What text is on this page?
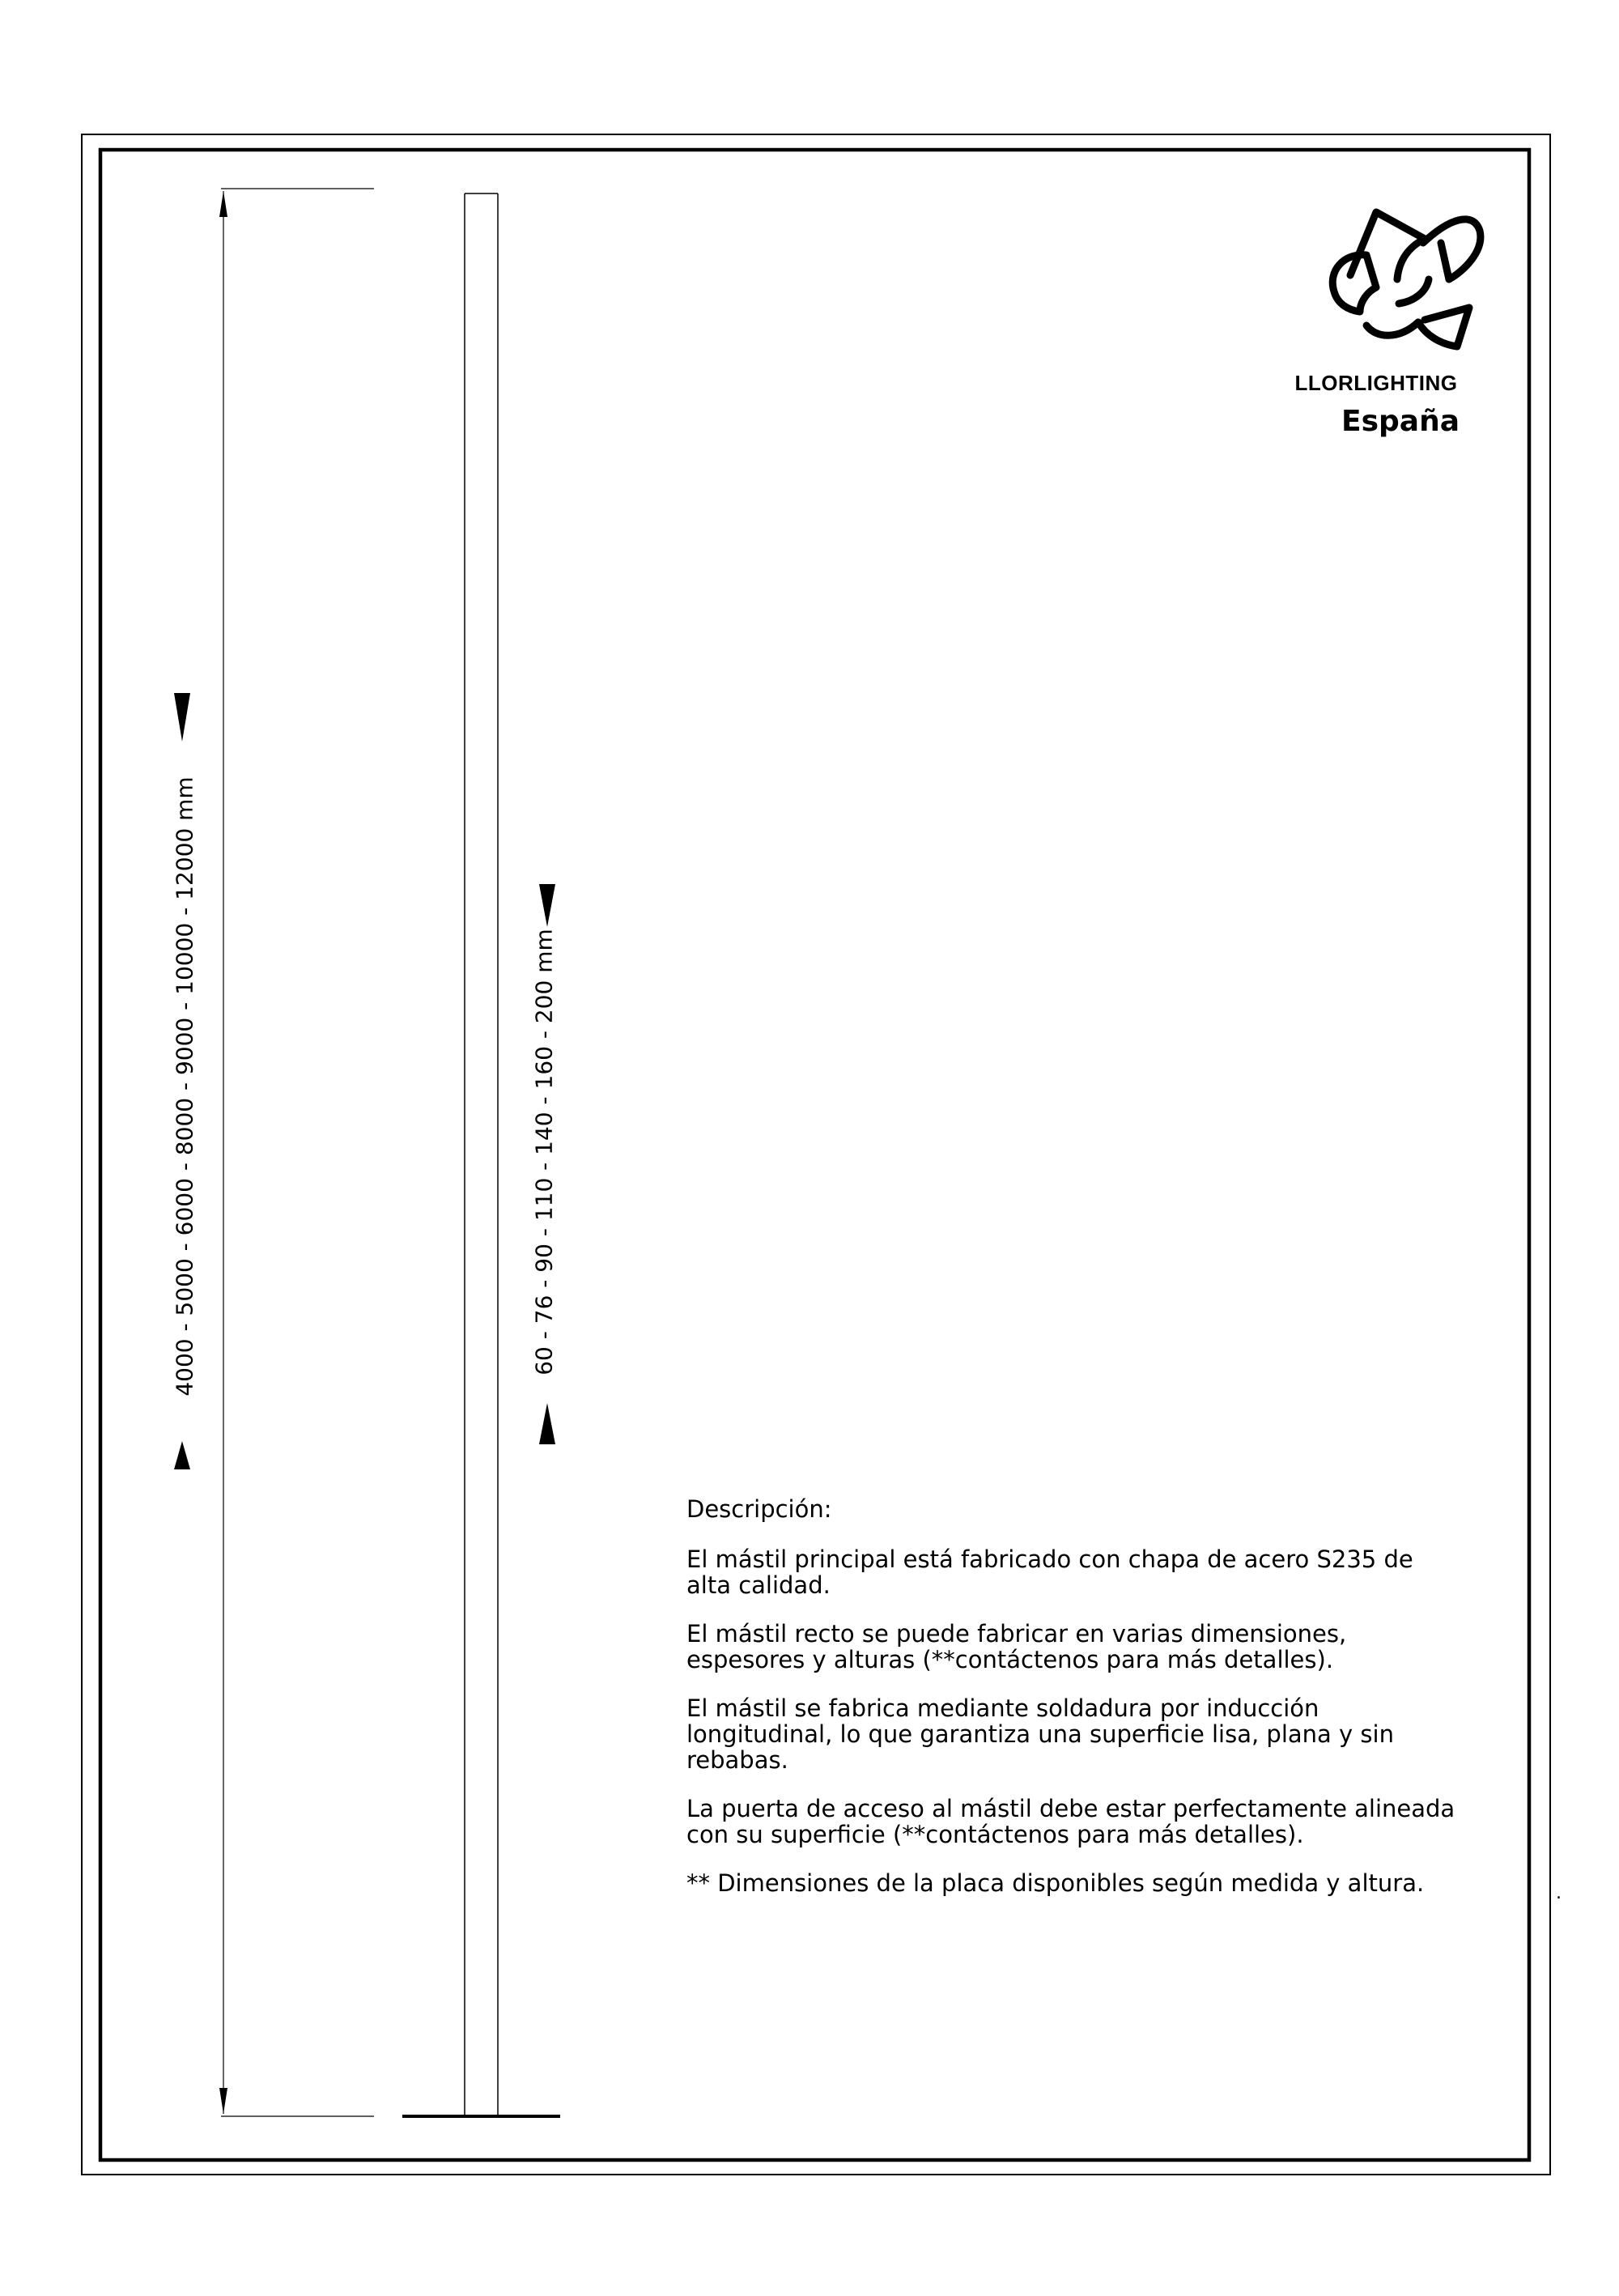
LLORLIGHTING
España
4000 - 5000 - 6000 - 8000 - 9000 - 10000 - 12000 mm	60 - 76 - 90 - 110 - 140 - 160 - 200 mm

Descripción:

El mástil principal está fabricado con chapa de acero S235 de
alta calidad.

El mástil recto se puede fabricar en varias dimensiones,
espesores y alturas (**contáctenos para más detalles).

El mástil se fabrica mediante soldadura por inducción
longitudinal, lo que garantiza una superficie lisa, plana y sin
rebabas.

La puerta de acceso al mástil debe estar perfectamente alineada
con su superficie (**contáctenos para más detalles).

** Dimensiones de la placa disponibles según medida y altura.	.
